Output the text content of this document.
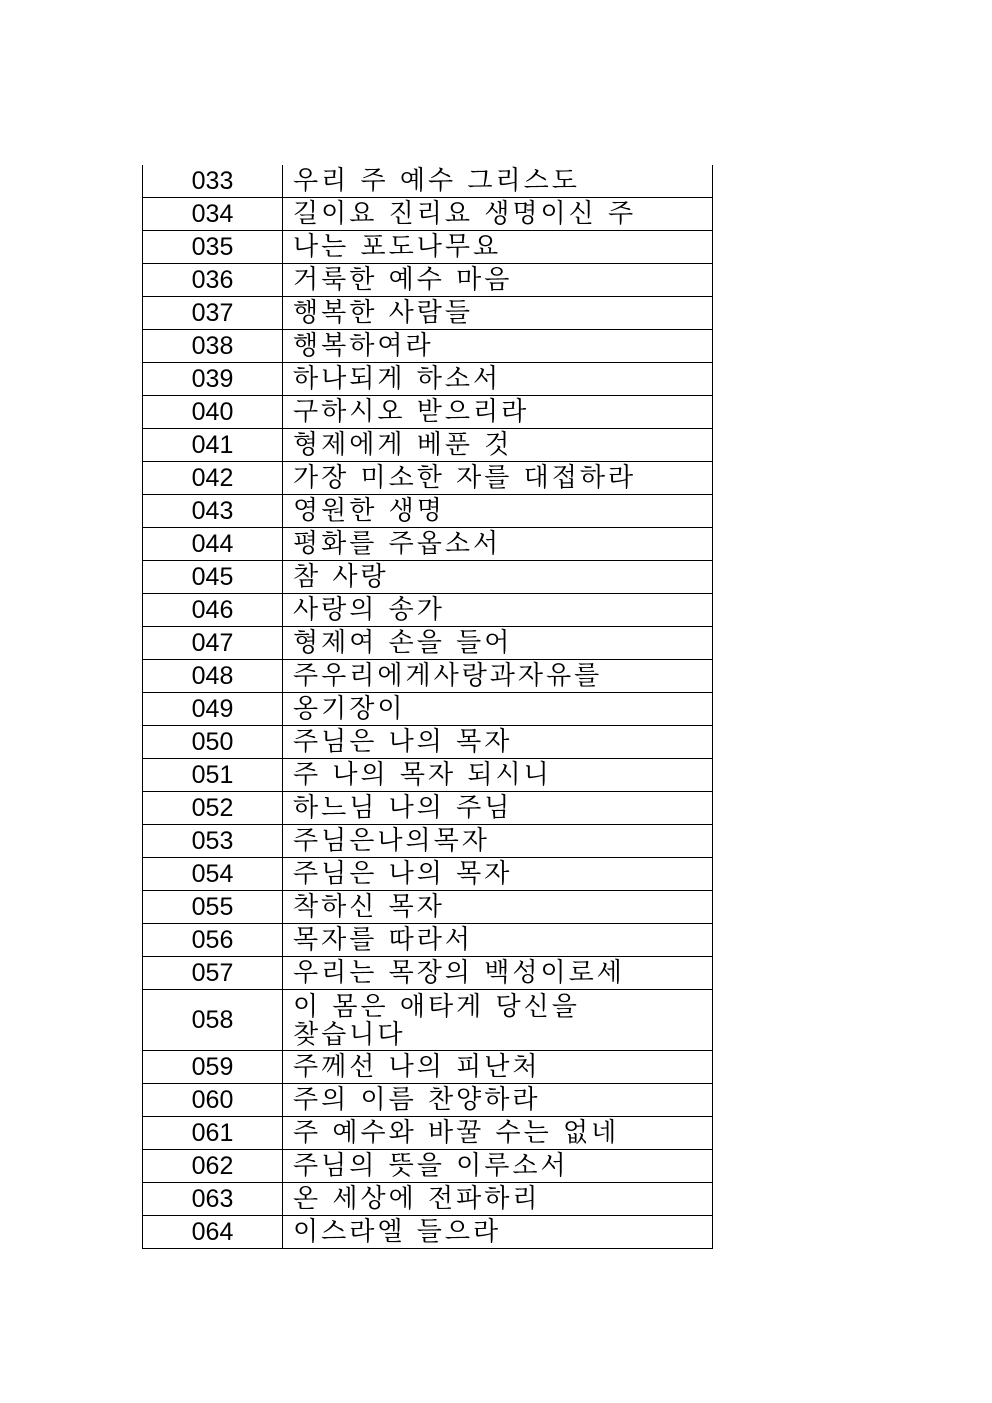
033	우리 주 예수 그리스도
034	길이요 진리요 생명이신 주
035	나는 포도나무요
036	거룩한 예수 마음
037	행복한 사람들
038	행복하여라
039	하나되게 하소서
040	구하시오 받으리라
041	형제에게 베푼 것
042	가장 미소한 자를 대접하라
043	영원한 생명
044	평화를 주옵소서
045	참 사랑
046	사랑의 송가
047	형제여 손을 들어
048	주우리에게사랑과자유를
049	옹기장이
050	주님은 나의 목자
051	주 나의 목자 되시니
052	하느님 나의 주님
053	주님은나의목자
054	주님은 나의 목자
055	착하신 목자
056	목자를 따라서
057	우리는 목장의 백성이로세
058	이 몸은 애타게 당신을
찾습니다
059	주께선 나의 피난처
060	주의 이름 찬양하라
061	주 예수와 바꿀 수는 없네
062	주님의 뜻을 이루소서
063	온 세상에 전파하리
064	이스라엘 들으라
